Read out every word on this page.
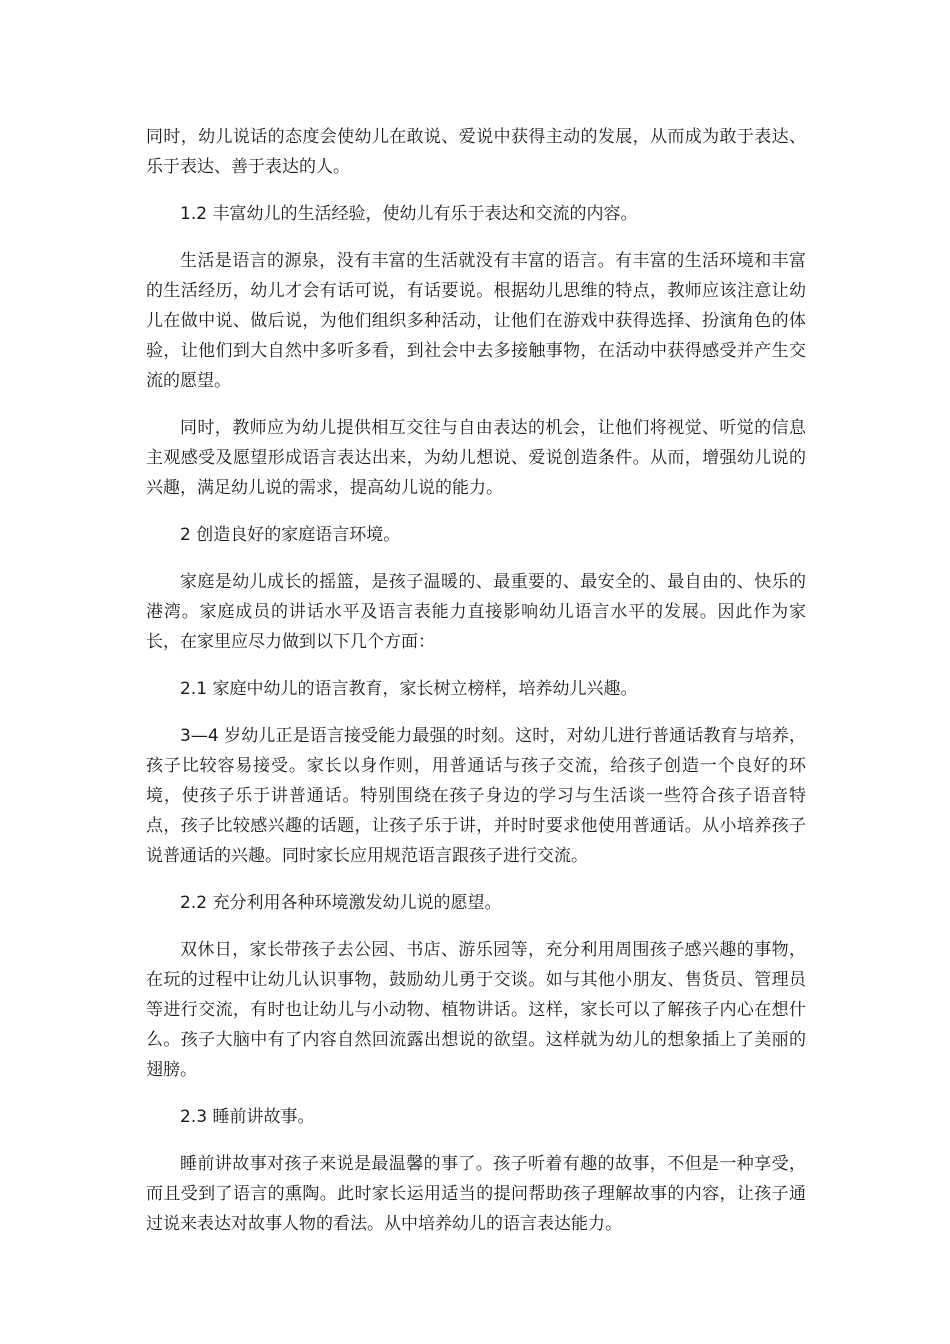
同时，幼儿说话的态度会使幼儿在敢说、爱说中获得主动的发展，从而成为敢于表达、乐于表达、善于表达的人。

1.2 丰富幼儿的生活经验，使幼儿有乐于表达和交流的内容。

生活是语言的源泉，没有丰富的生活就没有丰富的语言。有丰富的生活环境和丰富的生活经历，幼儿才会有话可说，有话要说。根据幼儿思维的特点，教师应该注意让幼儿在做中说、做后说，为他们组织多种活动，让他们在游戏中获得选择、扮演角色的体验，让他们到大自然中多听多看，到社会中去多接触事物，在活动中获得感受并产生交流的愿望。

同时，教师应为幼儿提供相互交往与自由表达的机会，让他们将视觉、听觉的信息主观感受及愿望形成语言表达出来，为幼儿想说、爱说创造条件。从而，增强幼儿说的兴趣，满足幼儿说的需求，提高幼儿说的能力。

2 创造良好的家庭语言环境。

家庭是幼儿成长的摇篮，是孩子温暖的、最重要的、最安全的、最自由的、快乐的港湾。家庭成员的讲话水平及语言表能力直接影响幼儿语言水平的发展。因此作为家长，在家里应尽力做到以下几个方面：

2.1 家庭中幼儿的语言教育，家长树立榜样，培养幼儿兴趣。

3—4 岁幼儿正是语言接受能力最强的时刻。这时，对幼儿进行普通话教育与培养，孩子比较容易接受。家长以身作则，用普通话与孩子交流，给孩子创造一个良好的环境，使孩子乐于讲普通话。特别围绕在孩子身边的学习与生活谈一些符合孩子语音特点，孩子比较感兴趣的话题，让孩子乐于讲，并时时要求他使用普通话。从小培养孩子说普通话的兴趣。同时家长应用规范语言跟孩子进行交流。

2.2 充分利用各种环境激发幼儿说的愿望。

双休日，家长带孩子去公园、书店、游乐园等，充分利用周围孩子感兴趣的事物，在玩的过程中让幼儿认识事物，鼓励幼儿勇于交谈。如与其他小朋友、售货员、管理员等进行交流，有时也让幼儿与小动物、植物讲话。这样，家长可以了解孩子内心在想什么。孩子大脑中有了内容自然回流露出想说的欲望。这样就为幼儿的想象插上了美丽的翅膀。

2.3 睡前讲故事。

睡前讲故事对孩子来说是最温馨的事了。孩子听着有趣的故事，不但是一种享受，而且受到了语言的熏陶。此时家长运用适当的提问帮助孩子理解故事的内容，让孩子通过说来表达对故事人物的看法。从中培养幼儿的语言表达能力。
